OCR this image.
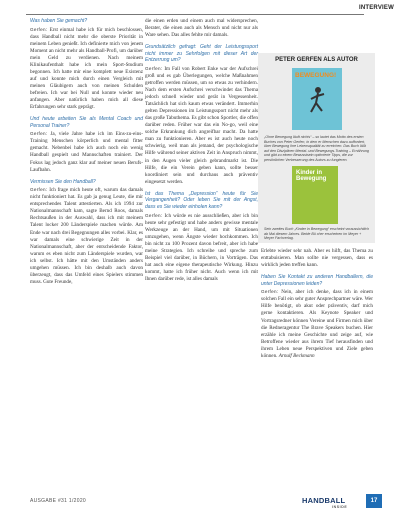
INTERVIEW

Was haben Sie gemacht?

Gerfen: Erst einmal habe ich für mich beschlossen, dass Handball nicht mehr die oberste Priorität in meinem Leben genießt. Ich definierte mich von jenem Moment an nicht mehr als Handball-Profi, um darüber mein Geld zu verdienen. Nach meinem Klinikaufenthalt habe ich mein Sport-Studium begonnen. Ich hatte mir eine komplett neue Existenz auf und konnte mich durch einen Vergleich mit meinen Gläubigern auch von meinen Schulden befreien. Ich war bei Null und konnte wieder neu anfangen. Aber natürlich haben mich all diese Erfahrungen sehr stark geprägt.

Und heute arbeiten Sie als Mental Coach und Personal Trainer?

Gerfen: Ja, viele Jahre habe ich im Eins-zu-eins-Training Menschen körperlich und mental fitter gemacht. Nebenbei habe ich auch noch ein wenig Handball gespielt und Mannschaften trainiert. Der Fokus lag jedoch ganz klar auf meiner neuen Berufs-Laufbahn.

Vermissen Sie den Handball?

Gerfen: Ich frage mich heute oft, warum das damals nicht funktioniert hat. Es gab ja genug Leute, die mir entsprechendes Talent attestierten. Als ich 1994 zur Nationalmannschaft kam, sagte Bernd Roos, damals Rechtsaußen in der Auswahl, dass ich mit meinem Talent locker 200 Länderspiele machen würde. Am Ende war nach drei Begegnungen alles vorbei. Klar, es war damals eine schwierige Zeit in der Nationalmannschaft, aber der entscheidende Faktor, warum es eben nicht zum Länderspiele wurden, war ich selbst. Ich hätte mit den Umständen anders umgehen müssen. Ich bin deshalb auch davon überzeugt, dass das Umfeld eines Spielers stimmen muss. Gute Freunde,

die einen erden und einem auch mal widersprechen, Berater, die einen auch als Mensch und nicht nur als Ware sehen. Das alles fehlte mir damals.

Grundsätzlich gefragt: Geht der Leistungssport nicht immer zu Sehrfolgen mit dieser Art der Entzerrung um?

Gerfen: Im Fall von Robert Enke war der Aufschrei groß und es gab Überlegungen, welche Maßnahmen getroffen werden müssen, um so etwas zu verhindern. Nach dem ersten Aufschrei verschwindet das Thema jedoch schnell wieder und gerät in Vergessenheit. Tatsächlich hat sich kaum etwas verändert. Immerhin gelten Depressionen im Leistungssport nicht mehr als das große Tabuthema. Es gibt schon Sportler, die offen darüber reden. Früher war das ein No-go, weil eine solche Erkrankung dich angreifbar macht. Da hatte man zu funktionieren. Aber es ist auch heute noch schwierig, weil man als jemand, der psychologische Hilfe während seiner aktiven Zeit in Anspruch nimmt, in den Augen vieler gleich gebrandmarkt ist. Die Hilfe, die ein Verein geben kann, sollte besser koordiniert sein und durchaus auch präventiv eingesetzt werden.

Ist das Thema „Depression“ heute für Sie Vergangenheit? Oder leben Sie mit der Angst, dass es Sie wieder einholen kann?

Gerfen: Ich würde es nie ausschließen, aber ich bin heute sehr gefestigt und habe anders gewisse mentale Werkzeuge an der Hand, um mit Situationen umzugehen, wenn Ängste wieder hochkommen. Ich bin nicht zu 100 Prozent davon befreit, aber ich habe meine Strategien. Ich schreibe und spreche zum Beispiel viel darüber, in Büchern, in Vorträgen. Das hat auch eine eigene therapeutische Wirkung. Hinzu kommt, hatte ich früher nicht. Auch wenn ich mit Ihnen darüber rede, ist alles damals

Erlebte wieder sehr nah. Aber es hilft, das Thema zu enttabuisieren. Man sollte nie vergessen, dass es wirklich jeden treffen kann.

Haben Sie Kontakt zu anderen Handballern, die unter Depressionen leiden?

Gerfen: Nein, aber ich denke, dass ich in einem solchen Fall ein sehr guter Ansprechpartner wäre. Wer Hilfe benötigt, ob akut oder präventiv, darf mich gerne kontaktieren. Als Keynote Speaker und Vortragsredner können Vereine und Firmen mich über die Redneragentur The Brave Speakers buchen. Hier erzähle ich meine Geschichte und zeige auf, wie Betroffene wieder aus ihrem Tief herausfinden und ihrem Leben neue Perspektiven und Ziele geben können. Arnulf Beckmann

PETER GERFEN ALS AUTOR
BEWEGUNG!
„Ohne Bewegung läuft nichts“ – so lautet das Motto des ersten Buches von Peter Gerfen, in dem er Menschen dazu auffordert, über Bewegung ihre Lebensqualität zu erreichen. Das Buch läßt auf den Disziplinen Mental- und Bewegungs-Training – Ernährung und gibt zu einem Bewusstsein optimierte Tipps, die zur persönlichen Verbesserung des Autors zu fungieren.
Kinder in Bewegung
Sein zweites Buch „Kinder in Bewegung“ erscheint voraussichtlich ab Mai diesem Jahres. Beide Bü cher erscheinen im Meyer + Meyer Fachverlag.
AUSGABE #31 1/2020	HANDBALL
INSIDE
17
